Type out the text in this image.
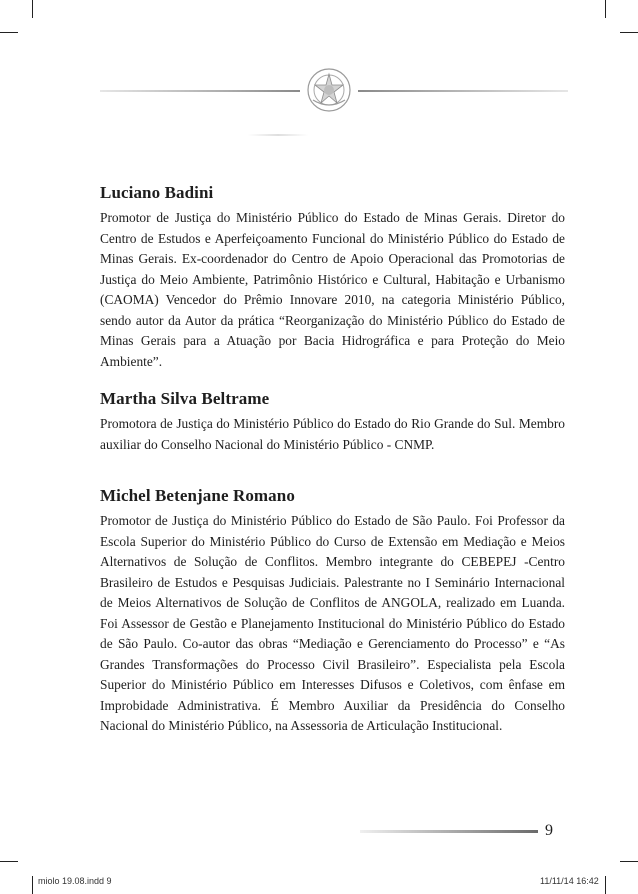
Luciano Badini

Promotor de Justiça do Ministério Público do Estado de Minas Gerais. Diretor do Centro de Estudos e Aperfeiçoamento Funcional do Ministério Público do Estado de Minas Gerais. Ex-coordenador do Centro de Apoio Operacional das Promotorias de Justiça do Meio Ambiente, Patrimônio Histórico e Cultural, Habitação e Urbanismo (CAOMA) Vencedor do Prêmio Innovare 2010, na categoria Ministério Público, sendo autor da Autor da prática “Reorganização do Ministério Público do Estado de Minas Gerais para a Atuação por Bacia Hidrográfica e para Proteção do Meio Ambiente”.

Martha Silva Beltrame

Promotora de Justiça do Ministério Público do Estado do Rio Grande do Sul. Membro auxiliar do Conselho Nacional do Ministério Público - CNMP.

Michel Betenjane Romano

Promotor de Justiça do Ministério Público do Estado de São Paulo. Foi Professor da Escola Superior do Ministério Público do Curso de Extensão em Mediação e Meios Alternativos de Solução de Conflitos. Membro integrante do CEBEPEJ -Centro Brasileiro de Estudos e Pesquisas Judiciais. Palestrante no I Seminário Internacional de Meios Alternativos de Solução de Conflitos de ANGOLA, realizado em Luanda. Foi Assessor de Gestão e Planejamento Institucional do Ministério Público do Estado de São Paulo. Co-autor das obras “Mediação e Gerenciamento do Processo” e “As Grandes Transformações do Processo Civil Brasileiro”. Especialista pela Escola Superior do Ministério Público em Interesses Difusos e Coletivos, com ênfase em Improbidade Administrativa. É Membro Auxiliar da Presidência do Conselho Nacional do Ministério Público, na Assessoria de Articulação Institucional.

9
miolo 19.08.indd 9	11/11/14 16:42
